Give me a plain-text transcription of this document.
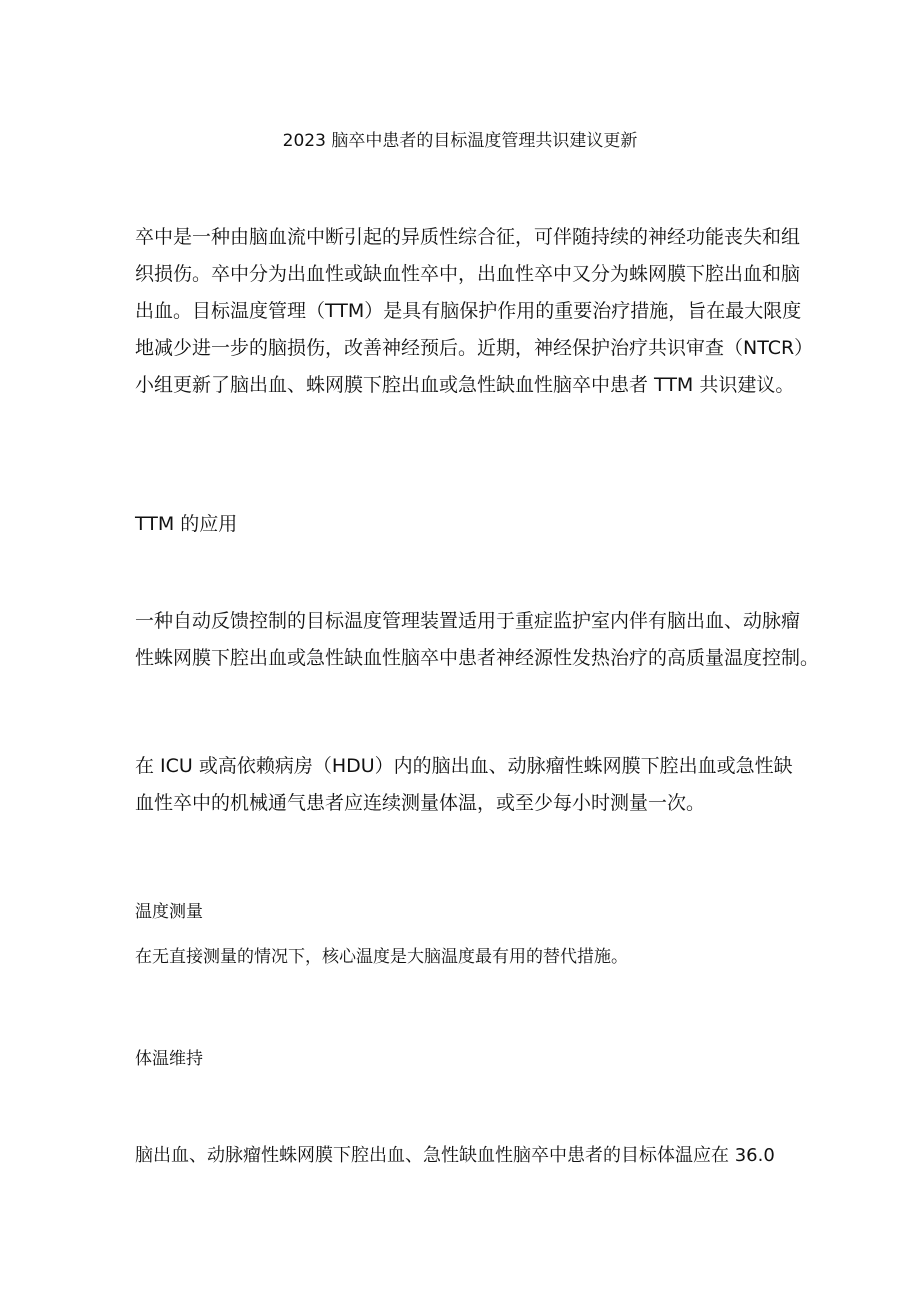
2023 脑卒中患者的目标温度管理共识建议更新
卒中是一种由脑血流中断引起的异质性综合征，可伴随持续的神经功能丧失和组
织损伤。卒中分为出血性或缺血性卒中，出血性卒中又分为蛛网膜下腔出血和脑
出血。目标温度管理（TTM）是具有脑保护作用的重要治疗措施，旨在最大限度
地减少进一步的脑损伤，改善神经预后。近期，神经保护治疗共识审查（NTCR）
小组更新了脑出血、蛛网膜下腔出血或急性缺血性脑卒中患者 TTM 共识建议。
TTM 的应用
一种自动反馈控制的目标温度管理装置适用于重症监护室内伴有脑出血、动脉瘤
性蛛网膜下腔出血或急性缺血性脑卒中患者神经源性发热治疗的高质量温度控制。
在 ICU 或高依赖病房（HDU）内的脑出血、动脉瘤性蛛网膜下腔出血或急性缺
血性卒中的机械通气患者应连续测量体温，或至少每小时测量一次。
温度测量
在无直接测量的情况下，核心温度是大脑温度最有用的替代措施。
体温维持
脑出血、动脉瘤性蛛网膜下腔出血、急性缺血性脑卒中患者的目标体温应在 36.0
